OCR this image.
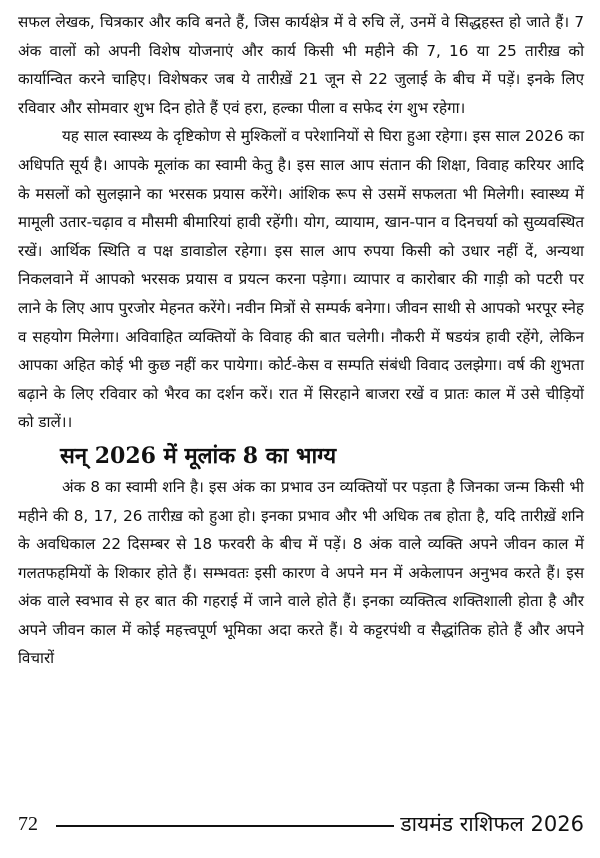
सफल लेखक, चित्रकार और कवि बनते हैं, जिस कार्यक्षेत्र में वे रुचि लें, उनमें वे सिद्धहस्त हो जाते हैं। 7 अंक वालों को अपनी विशेष योजनाएं और कार्य किसी भी महीने की 7, 16 या 25 तारीख़ को कार्यान्वित करने चाहिए। विशेषकर जब ये तारीख़ें 21 जून से 22 जुलाई के बीच में पड़ें। इनके लिए रविवार और सोमवार शुभ दिन होते हैं एवं हरा, हल्का पीला व सफेद रंग शुभ रहेगा।

यह साल स्वास्थ्य के दृष्टिकोण से मुश्किलों व परेशानियों से घिरा हुआ रहेगा। इस साल 2026 का अधिपति सूर्य है। आपके मूलांक का स्वामी केतु है। इस साल आप संतान की शिक्षा, विवाह करियर आदि के मसलों को सुलझाने का भरसक प्रयास करेंगे। आंशिक रूप से उसमें सफलता भी मिलेगी। स्वास्थ्य में मामूली उतार-चढ़ाव व मौसमी बीमारियां हावी रहेंगी। योग, व्यायाम, खान-पान व दिनचर्या को सुव्यवस्थित रखें। आर्थिक स्थिति व पक्ष डावाडोल रहेगा। इस साल आप रुपया किसी को उधार नहीं दें, अन्यथा निकलवाने में आपको भरसक प्रयास व प्रयत्न करना पड़ेगा। व्यापार व कारोबार की गाड़ी को पटरी पर लाने के लिए आप पुरजोर मेहनत करेंगे। नवीन मित्रों से सम्पर्क बनेगा। जीवन साथी से आपको भरपूर स्नेह व सहयोग मिलेगा। अविवाहित व्यक्तियों के विवाह की बात चलेगी। नौकरी में षडयंत्र हावी रहेंगे, लेकिन आपका अहित कोई भी कुछ नहीं कर पायेगा। कोर्ट-केस व सम्पति संबंधी विवाद उलझेगा। वर्ष की शुभता बढ़ाने के लिए रविवार को भैरव का दर्शन करें। रात में सिरहाने बाजरा रखें व प्रातः काल में उसे चीड़ियों को डालें।।

सन् 2026 में मूलांक 8 का भाग्य

अंक 8 का स्वामी शनि है। इस अंक का प्रभाव उन व्यक्तियों पर पड़ता है जिनका जन्म किसी भी महीने की 8, 17, 26 तारीख़ को हुआ हो। इनका प्रभाव और भी अधिक तब होता है, यदि तारीख़ें शनि के अवधिकाल 22 दिसम्बर से 18 फरवरी के बीच में पड़ें। 8 अंक वाले व्यक्ति अपने जीवन काल में गलतफहमियों के शिकार होते हैं। सम्भवतः इसी कारण वे अपने मन में अकेलापन अनुभव करते हैं। इस अंक वाले स्वभाव से हर बात की गहराई में जाने वाले होते हैं। इनका व्यक्तित्व शक्तिशाली होता है और अपने जीवन काल में कोई महत्त्वपूर्ण भूमिका अदा करते हैं। ये कट्टरपंथी व सैद्धांतिक होते हैं और अपने विचारों

72	डायमंड राशिफल 2026
